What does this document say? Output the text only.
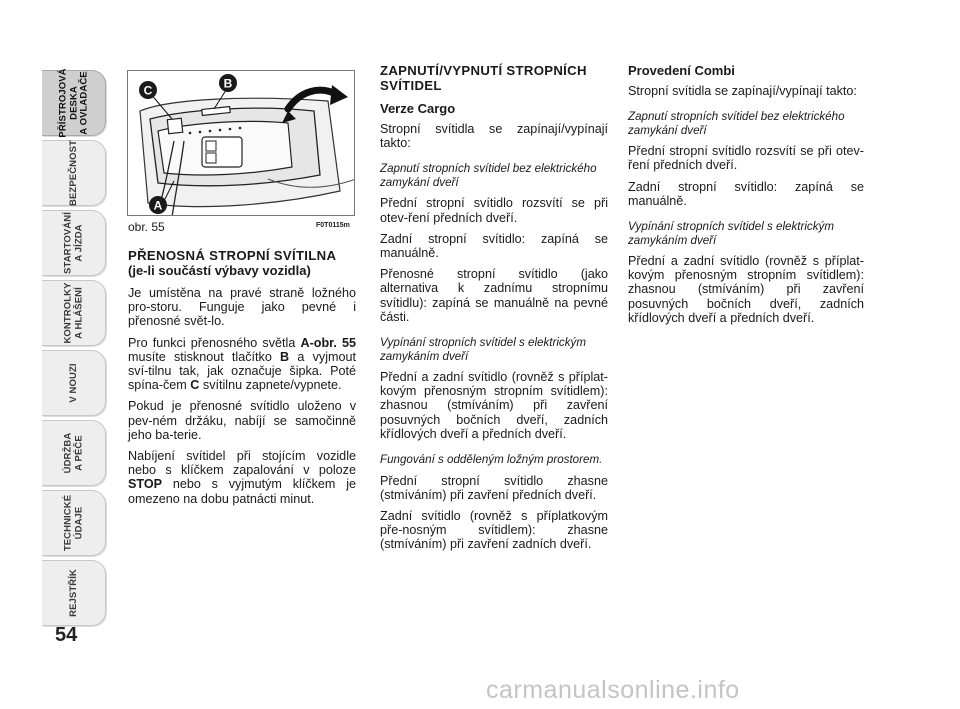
PŘÍSTROJOVÁ
DESKA
A OVLADAČE
BEZPEČNOST
STARTOVÁNÍ
A JÍZDA
KONTROLKY
A HLÁŠENÍ
V NOUZI
ÚDRŽBA
A PÉČE
TECHNICKÉ
ÚDAJE
REJSTŘÍK
54
B
C
A
obr. 55	F0T0115m
PŘENOSNÁ STROPNÍ SVÍTILNA
(je-li součástí výbavy vozidla)

Je umístěna na pravé straně ložného pro-storu. Funguje jako pevné i přenosné svět-lo.

Pro funkci přenosného světla A-obr. 55 musíte stisknout tlačítko B a vyjmout sví-tilnu tak, jak označuje šipka. Poté spína-čem C svítilnu zapnete/vypnete.

Pokud je přenosné svítidlo uloženo v pev-ném držáku, nabíjí se samočinně jeho ba-terie.

Nabíjení svítidel při stojícím vozidle nebo s klíčkem zapalování v poloze STOP nebo s vyjmutým klíčkem je omezeno na dobu patnácti minut.

ZAPNUTÍ/VYPNUTÍ STROPNÍCH SVÍTIDEL
Verze Cargo

Stropní svítidla se zapínají/vypínají takto:

Zapnutí stropních svítidel bez elektrického zamykání dveří

Přední stropní svítidlo rozsvítí se při otev-ření předních dveří.

Zadní stropní svítidlo: zapíná se manuálně.

Přenosné stropní svítidlo (jako alternativa k zadnímu stropnímu svítidlu): zapíná se manuálně na pevné části.

Vypínání stropních svítidel s elektrickým zamykáním dveří

Přední a zadní svítidlo (rovněž s příplat-kovým přenosným stropním svítidlem): zhasnou (stmíváním) při zavření posuvných bočních dveří, zadních křídlových dveří a předních dveří.

Fungování s odděleným ložným prostorem.

Přední stropní svítidlo zhasne (stmíváním) při zavření předních dveří.

Zadní svítidlo (rovněž s příplatkovým pře-nosným svítidlem): zhasne (stmíváním) při zavření zadních dveří.

Provedení Combi

Stropní svítidla se zapínají/vypínají takto:

Zapnutí stropních svítidel bez elektrického zamykání dveří

Přední stropní svítidlo rozsvítí se při otev-ření předních dveří.

Zadní stropní svítidlo: zapíná se manuálně.

Vypínání stropních svítidel s elektrickým zamykáním dveří

Přední a zadní svítidlo (rovněž s příplat-kovým přenosným stropním svítidlem): zhasnou (stmíváním) při zavření posuvných bočních dveří, zadních křídlových dveří a předních dveří.

carmanualsonline.info
